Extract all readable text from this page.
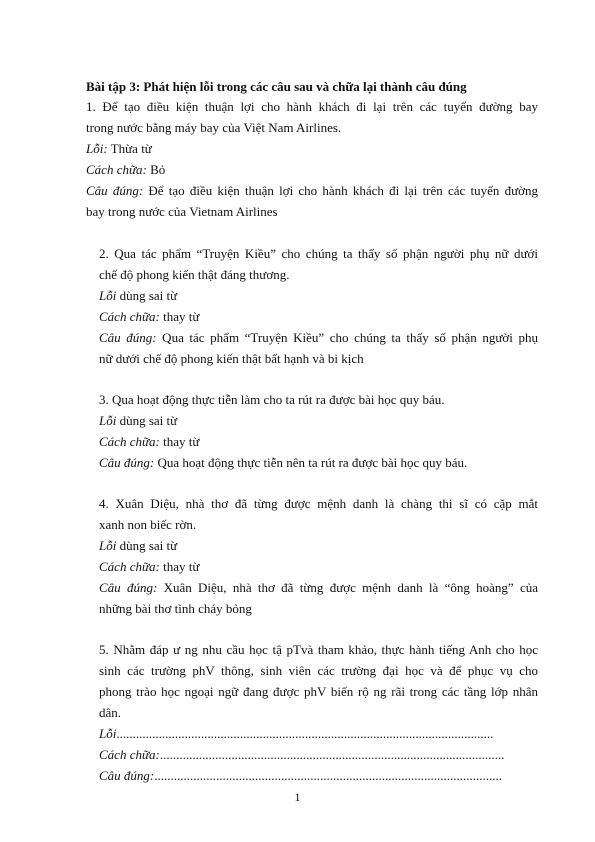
Bài tập 3: Phát hiện lỗi trong các câu sau và chữa lại thành câu đúng
1. Để tạo điều kiện thuận lợi cho hành khách đi lại trên các tuyến đường bay
trong nước bằng máy bay của Việt Nam Airlines.
Lỗi: Thừa từ
Cách chữa: Bỏ
Câu đúng: Để tạo điều kiện thuận lợi cho hành khách đi lại trên các tuyến đường
bay trong nước của Vietnam Airlines
2. Qua tác phẩm “Truyện Kiều” cho chúng ta thấy số phận người phụ nữ dưới
chế độ phong kiến thật đáng thương.
Lỗi dùng sai từ
Cách chữa: thay từ
Câu đúng: Qua tác phẩm “Truyện Kiều” cho chúng ta thấy số phận người phụ
nữ dưới chế độ phong kiến thật bất hạnh và bi kịch
3. Qua hoạt động thực tiễn làm cho ta rút ra được bài học quy báu.
Lỗi dùng sai từ
Cách chữa: thay từ
Câu đúng: Qua hoạt động thực tiễn nên ta rút ra được bài học quy báu.
4. Xuân Diệu, nhà thơ đã từng được mệnh danh là chàng thi sĩ có cặp mắt
xanh non biếc rờn.
Lỗi dùng sai từ
Cách chữa: thay từ
Câu đúng: Xuân Diệu, nhà thơ đã từng được mệnh danh là “ông hoàng” của
những bài thơ tình cháy bỏng
5. Nhằm đáp ư ng nhu cầu học tậ pTvà tham khảo, thực hành tiếng Anh cho học
sinh các trường phV thông, sinh viên các trường đại học và để phục vụ cho
phong trào học ngoại ngữ đang được phV biến rộ ng rãi trong các tầng lớp nhân
dân.
Lỗi....................................................................................................................
Cách chữa:..........................................................................................................
Câu đúng:...........................................................................................................
1
